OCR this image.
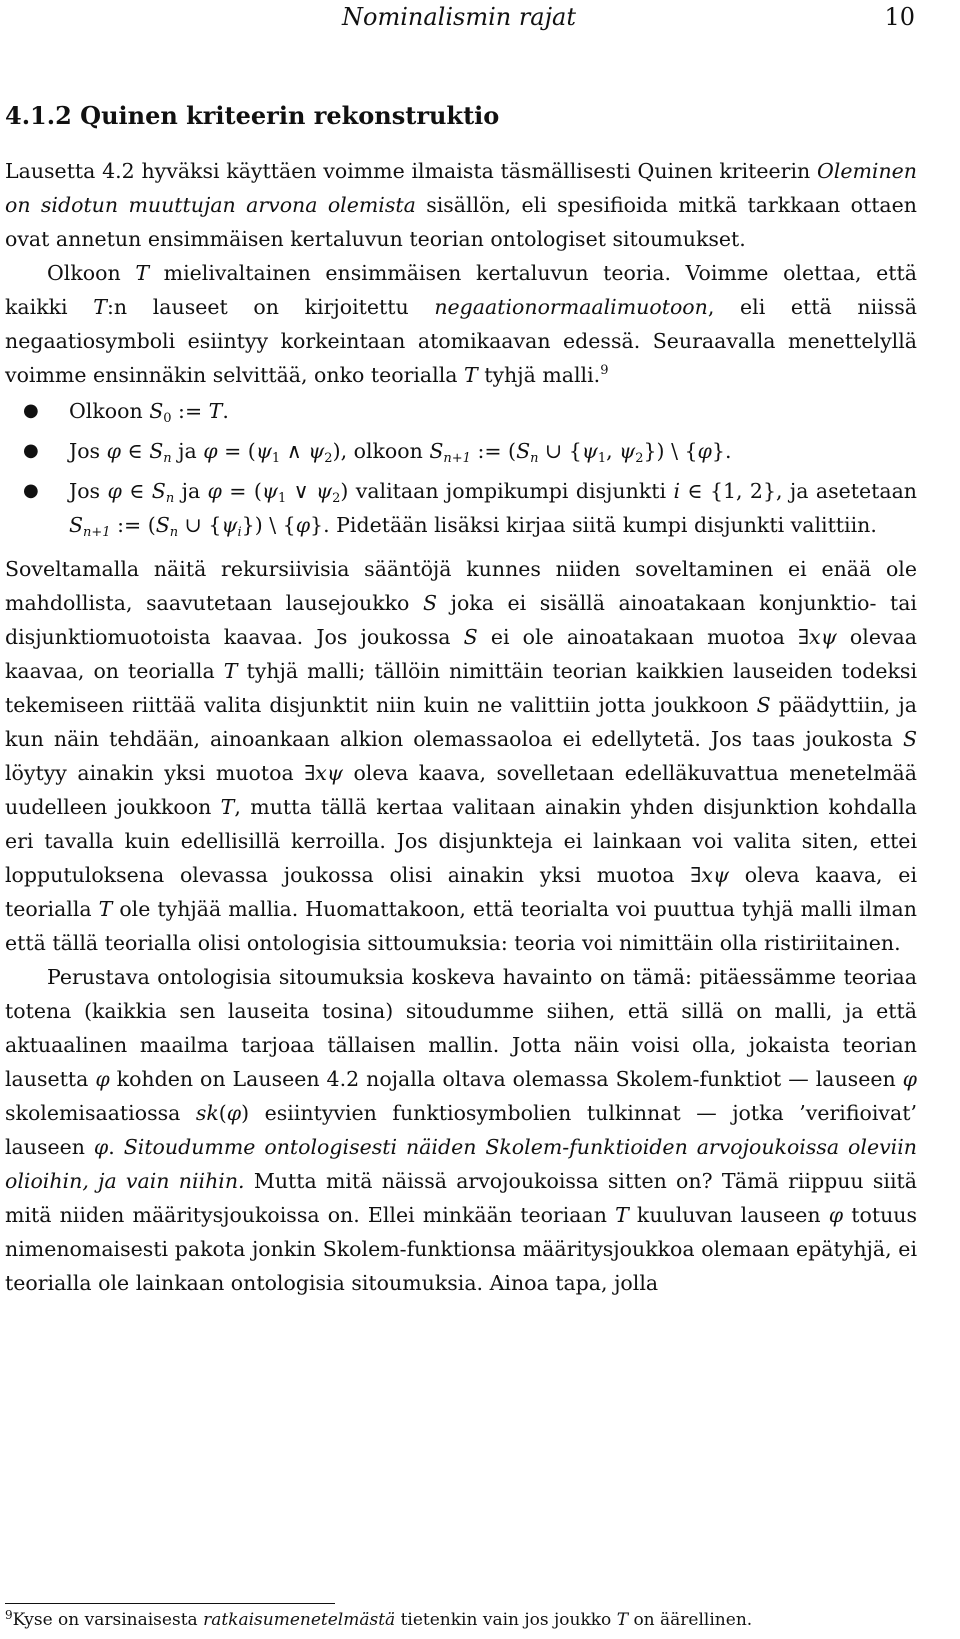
Nominalismin rajat	10
4.1.2 Quinen kriteerin rekonstruktio

Lausetta 4.2 hyväksi käyttäen voimme ilmaista täsmällisesti Quinen kriteerin Oleminen on sidotun muuttujan arvona olemista sisällön, eli spesifioida mitkä tarkkaan ottaen ovat annetun ensimmäisen kertaluvun teorian ontologiset sitoumukset.

Olkoon T mielivaltainen ensimmäisen kertaluvun teoria. Voimme olettaa, että kaikki T:n lauseet on kirjoitettu negaationormaalimuotoon, eli että niissä negaatiosymboli esiintyy korkeintaan atomikaavan edessä. Seuraavalla menettelyllä voimme ensinnäkin selvittää, onko teorialla T tyhjä malli.$^9$

● Olkoon $S_0$ := T.
● Jos φ ∈ $S_n$ ja $\varphi = (\psi_1$ ∧ $\psi_2$), olkoon $S_{n+1}$ := ($S_n$ ∪ {$\psi_1$, $\psi_2$}) \ {φ}.
● Jos φ ∈ $S_n$ ja $\varphi = (\psi_1$ ∨ $\psi_2$) valitaan jompikumpi disjunkti i ∈ {1, 2}, ja asetetaan $S_{n+1}$ := ($S_n$ ∪ $\{\psi_i\}$) \ {φ}. Pidetään lisäksi kirjaa siitä kumpi disjunkti valittiin.

Soveltamalla näitä rekursiivisia sääntöjä kunnes niiden soveltaminen ei enää ole mahdollista, saavutetaan lausejoukko S joka ei sisällä ainoatakaan konjunktio- tai disjunktiomuotoista kaavaa. Jos joukossa S ei ole ainoatakaan muotoa ∃xψ olevaa kaavaa, on teorialla T tyhjä malli; tällöin nimittäin teorian kaikkien lauseiden todeksi tekemiseen riittää valita disjunktit niin kuin ne valittiin jotta joukkoon S päädyttiin, ja kun näin tehdään, ainoankaan alkion olemassaoloa ei edellytetä. Jos taas joukosta S löytyy ainakin yksi muotoa ∃xψ oleva kaava, sovelletaan edelläkuvattua menetelmää uudelleen joukkoon T, mutta tällä kertaa valitaan ainakin yhden disjunktion kohdalla eri tavalla kuin edellisillä kerroilla. Jos disjunkteja ei lainkaan voi valita siten, ettei lopputuloksena olevassa joukossa olisi ainakin yksi muotoa ∃xψ oleva kaava, ei teorialla T ole tyhjää mallia. Huomattakoon, että teorialta voi puuttua tyhjä malli ilman että tällä teorialla olisi ontologisia sittoumuksia: teoria voi nimittäin olla ristiriitainen.

Perustava ontologisia sitoumuksia koskeva havainto on tämä: pitäessämme teoriaa totena (kaikkia sen lauseita tosina) sitoudumme siihen, että sillä on malli, ja että aktuaalinen maailma tarjoaa tällaisen mallin. Jotta näin voisi olla, jokaista teorian lausetta φ kohden on Lauseen 4.2 nojalla oltava olemassa Skolem-funktiot — lauseen φ skolemisaatiossa sk(φ) esiintyvien funktiosymbolien tulkinnat — jotka ’verifioivat’ lauseen φ. Sitoudumme ontologisesti näiden Skolem-funktioiden arvojoukoissa oleviin olioihin, ja vain niihin. Mutta mitä näissä arvojoukoissa sitten on? Tämä riippuu siitä mitä niiden määritysjoukoissa on. Ellei minkään teoriaan T kuuluvan lauseen φ totuus nimenomaisesti pakota jonkin Skolem-funktionsa määritysjoukkoa olemaan epätyhjä, ei teorialla ole lainkaan ontologisia sitoumuksia. Ainoa tapa, jolla

$^9$Kyse on varsinaisesta ratkaisumenetelmästä tietenkin vain jos joukko T on äärellinen.
